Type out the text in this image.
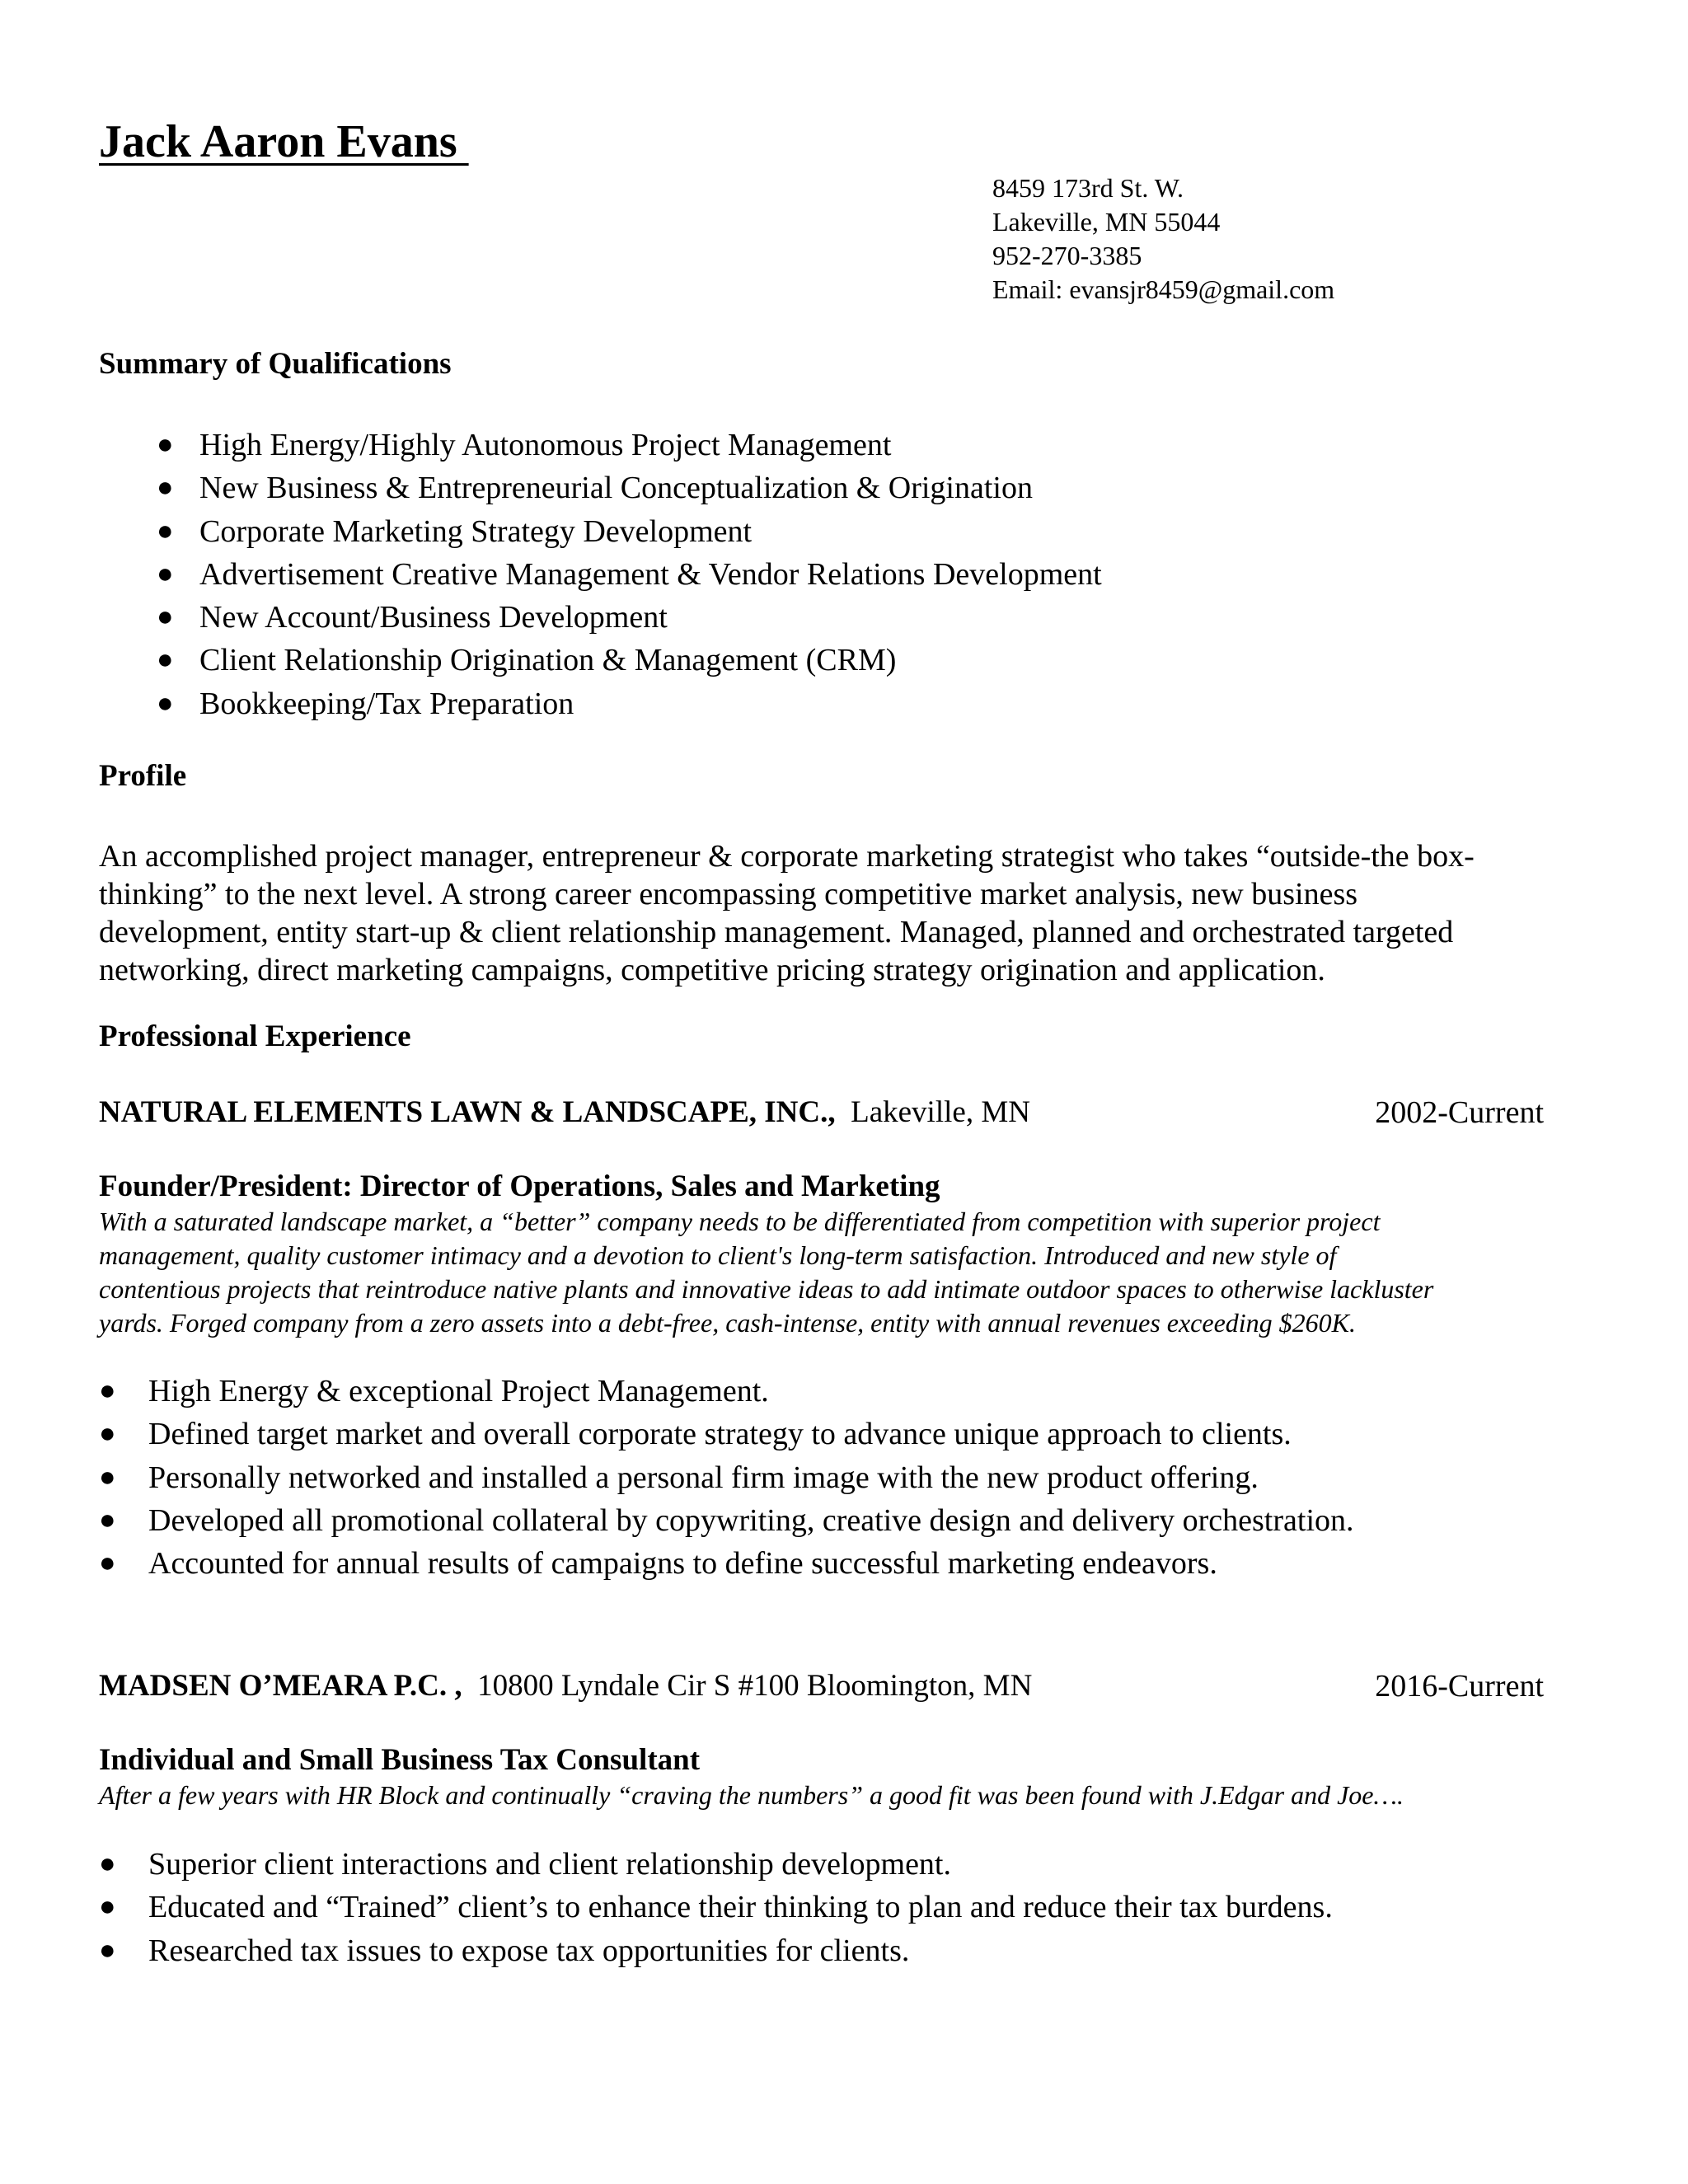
Jack Aaron Evans
8459 173rd St. W.
Lakeville, MN 55044
952-270-3385
Email: evansjr8459@gmail.com
Summary of Qualifications
● High Energy/Highly Autonomous Project Management
● New Business & Entrepreneurial Conceptualization & Origination
● Corporate Marketing Strategy Development
● Advertisement Creative Management & Vendor Relations Development
● New Account/Business Development
● Client Relationship Origination & Management (CRM)
● Bookkeeping/Tax Preparation
Profile
An accomplished project manager, entrepreneur & corporate marketing strategist who takes “outside-the box-
thinking” to the next level. A strong career encompassing competitive market analysis, new business
development, entity start-up & client relationship management. Managed, planned and orchestrated targeted
networking, direct marketing campaigns, competitive pricing strategy origination and application.
Professional Experience
NATURAL ELEMENTS LAWN & LANDSCAPE, INC., Lakeville, MN	2002-Current
Founder/President: Director of Operations, Sales and Marketing
With a saturated landscape market, a “better” company needs to be differentiated from competition with superior project
management, quality customer intimacy and a devotion to client's long-term satisfaction. Introduced and new style of
contentious projects that reintroduce native plants and innovative ideas to add intimate outdoor spaces to otherwise lackluster
yards. Forged company from a zero assets into a debt-free, cash-intense, entity with annual revenues exceeding $260K.
● High Energy & exceptional Project Management.
● Defined target market and overall corporate strategy to advance unique approach to clients.
● Personally networked and installed a personal firm image with the new product offering.
● Developed all promotional collateral by copywriting, creative design and delivery orchestration.
● Accounted for annual results of campaigns to define successful marketing endeavors.
MADSEN O’MEARA P.C. , 10800 Lyndale Cir S #100 Bloomington, MN	2016-Current
Individual and Small Business Tax Consultant
After a few years with HR Block and continually “craving the numbers” a good fit was been found with J.Edgar and Joe….
● Superior client interactions and client relationship development.
● Educated and “Trained” client’s to enhance their thinking to plan and reduce their tax burdens.
● Researched tax issues to expose tax opportunities for clients.
